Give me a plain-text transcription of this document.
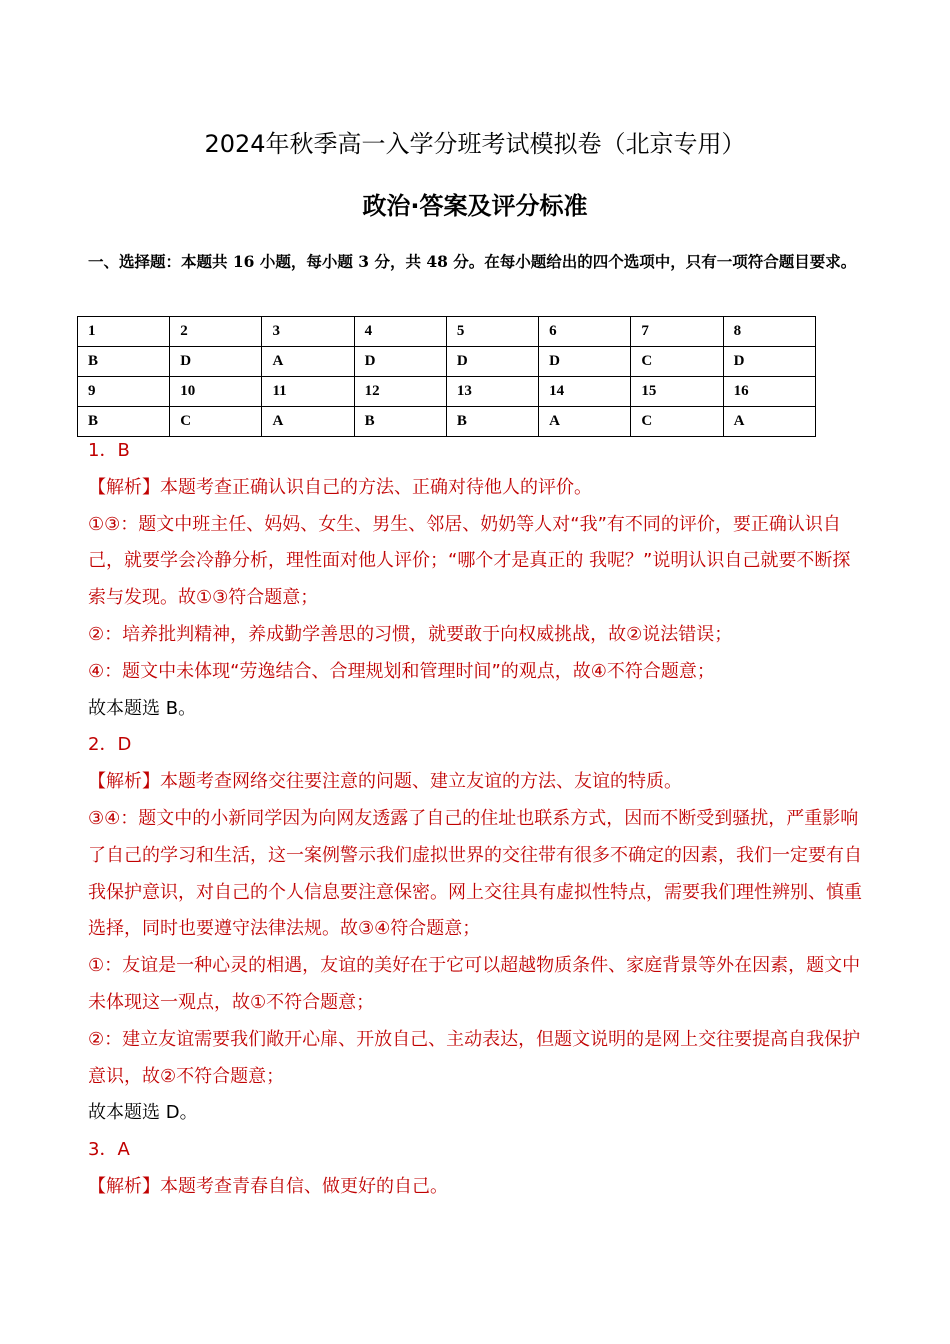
2024年秋季高一入学分班考试模拟卷（北京专用）
政治·答案及评分标准
一、选择题：本题共 16 小题，每小题 3 分，共 48 分。在每小题给出的四个选项中，只有一项符合题目要求。
1	2	3	4	5	6	7	8
B	D	A	D	D	D	C	D
9	10	11	12	13	14	15	16
B	C	A	B	B	A	C	A

1．B

【解析】本题考查正确认识自己的方法、正确对待他人的评价。

①③：题文中班主任、妈妈、女生、男生、邻居、奶奶等人对“我”有不同的评价，要正确认识自己，就要学会冷静分析，理性面对他人评价；“哪个才是真正的 我呢？”说明认识自己就要不断探索与发现。故①③符合题意；

②：培养批判精神，养成勤学善思的习惯，就要敢于向权威挑战，故②说法错误；

④：题文中未体现“劳逸结合、合理规划和管理时间”的观点，故④不符合题意；

故本题选 B。

2．D

【解析】本题考查网络交往要注意的问题、建立友谊的方法、友谊的特质。

③④：题文中的小新同学因为向网友透露了自己的住址也联系方式，因而不断受到骚扰，严重影响了自己的学习和生活，这一案例警示我们虚拟世界的交往带有很多不确定的因素，我们一定要有自我保护意识，对自己的个人信息要注意保密。网上交往具有虚拟性特点，需要我们理性辨别、慎重选择，同时也要遵守法律法规。故③④符合题意；

①：友谊是一种心灵的相遇，友谊的美好在于它可以超越物质条件、家庭背景等外在因素，题文中未体现这一观点，故①不符合题意；

②：建立友谊需要我们敞开心扉、开放自己、主动表达，但题文说明的是网上交往要提高自我保护意识，故②不符合题意；

故本题选 D。

3．A

【解析】本题考查青春自信、做更好的自己。
